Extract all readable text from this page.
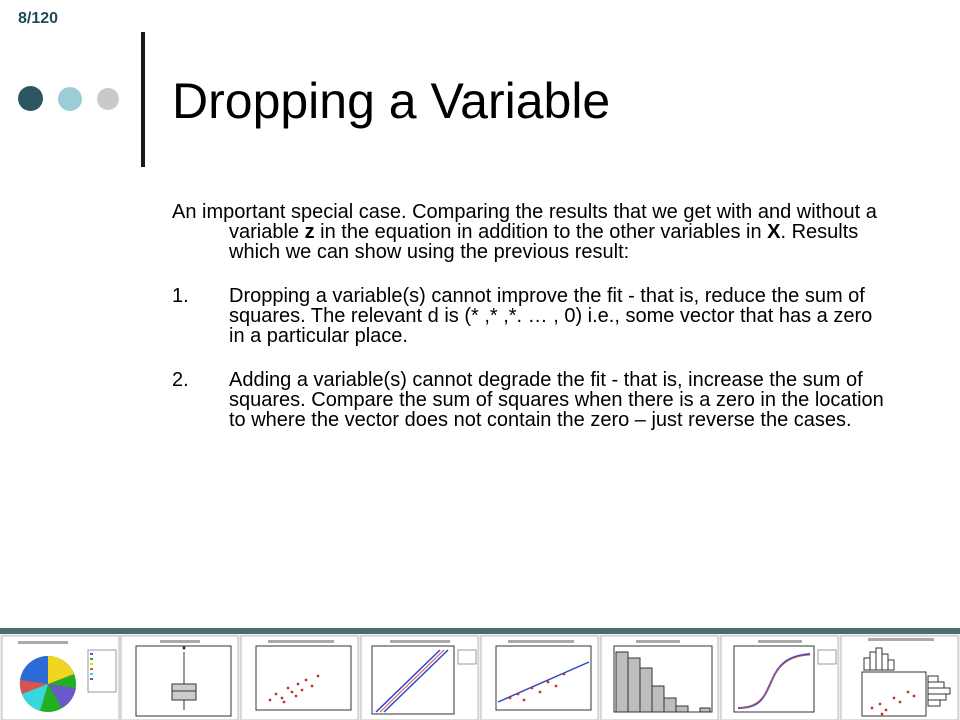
8/120
Dropping a Variable

An important special case. Comparing the results that we get with and without a variable z in the equation in addition to the other variables in X. Results which we can show using the previous result:

1. Dropping a variable(s) cannot improve the fit - that is, reduce the sum of squares. The relevant d is (* ,* ,*. … , 0) i.e., some vector that has a zero in a particular place.

2. Adding a variable(s) cannot degrade the fit - that is, increase the sum of squares. Compare the sum of squares when there is a zero in the location to where the vector does not contain the zero – just reverse the cases.
